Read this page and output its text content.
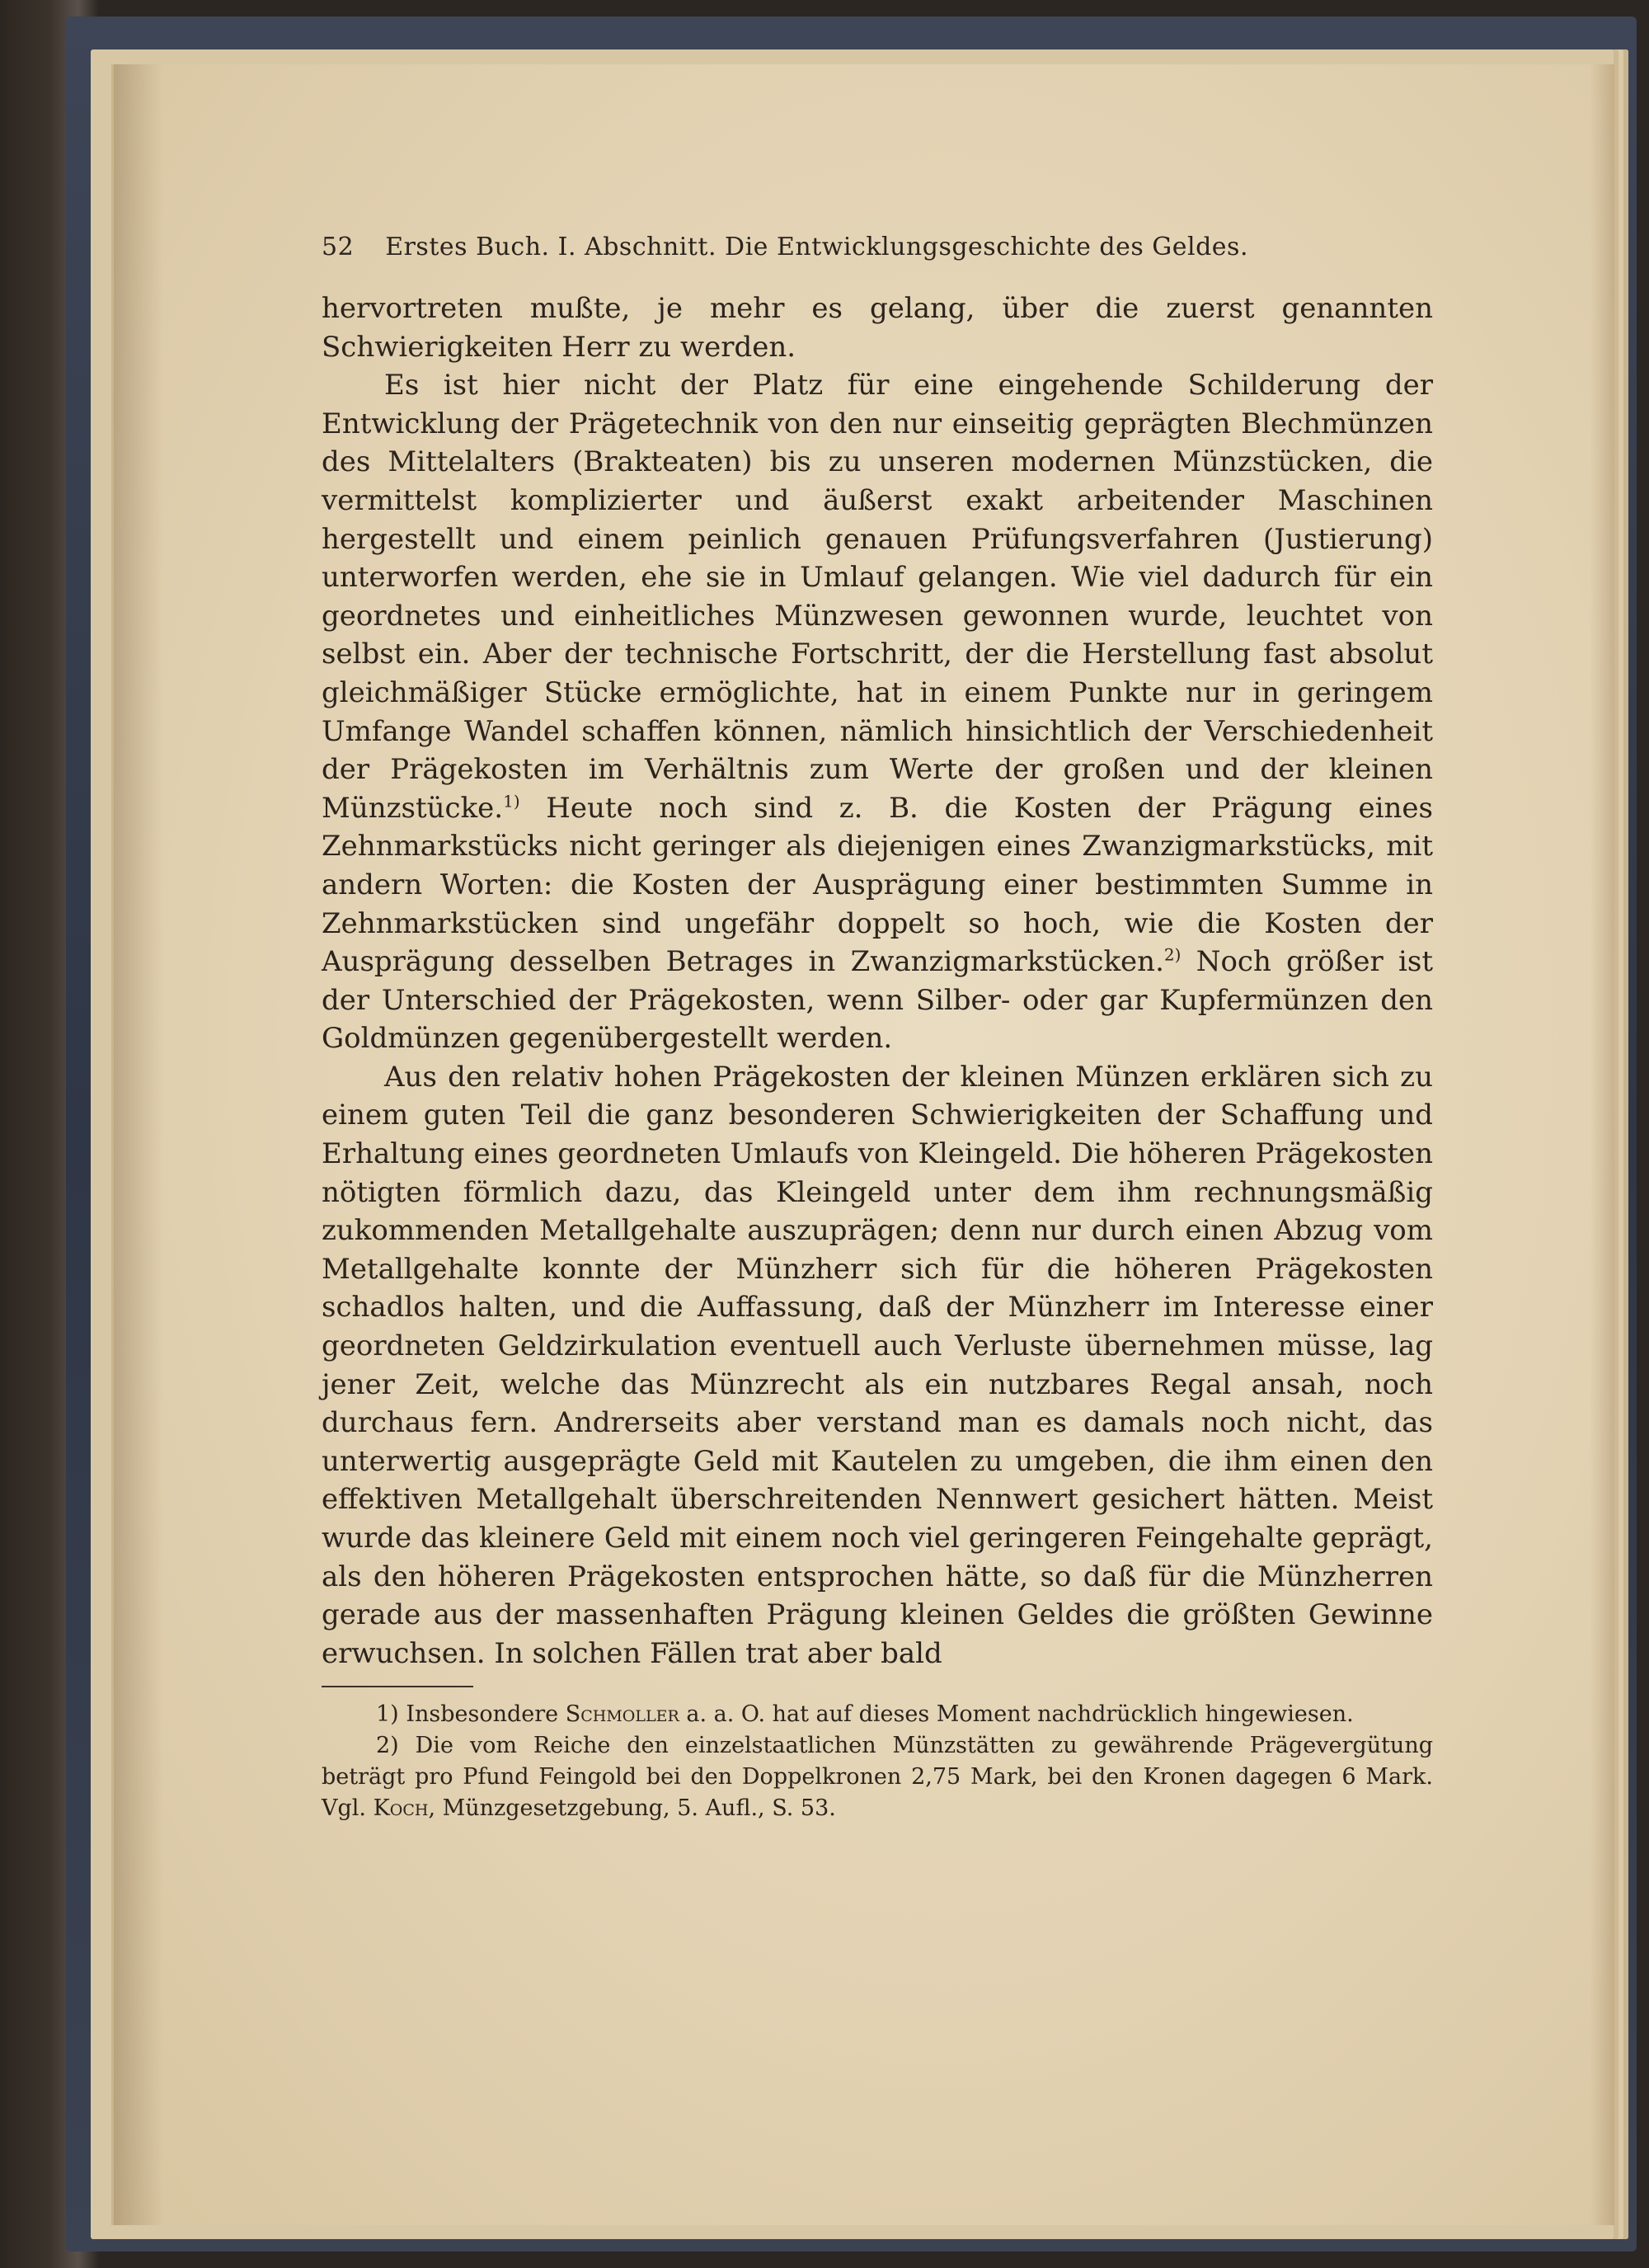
52 Erstes Buch. I. Abschnitt. Die Entwicklungsgeschichte des Geldes.

hervortreten mußte, je mehr es gelang, über die zuerst genannten Schwierigkeiten Herr zu werden.

Es ist hier nicht der Platz für eine eingehende Schilderung der Entwicklung der Prägetechnik von den nur einseitig geprägten Blechmünzen des Mittelalters (Brakteaten) bis zu unseren modernen Münzstücken, die vermittelst komplizierter und äußerst exakt arbeitender Maschinen hergestellt und einem peinlich genauen Prüfungsverfahren (Justierung) unterworfen werden, ehe sie in Umlauf gelangen. Wie viel dadurch für ein geordnetes und einheitliches Münzwesen gewonnen wurde, leuchtet von selbst ein. Aber der technische Fortschritt, der die Herstellung fast absolut gleichmäßiger Stücke ermöglichte, hat in einem Punkte nur in geringem Umfange Wandel schaffen können, nämlich hinsichtlich der Verschiedenheit der Prägekosten im Verhältnis zum Werte der großen und der kleinen Münzstücke.$^{1)}$ Heute noch sind z. B. die Kosten der Prägung eines Zehnmarkstücks nicht geringer als diejenigen eines Zwanzigmarkstücks, mit andern Worten: die Kosten der Ausprägung einer bestimmten Summe in Zehnmarkstücken sind ungefähr doppelt so hoch, wie die Kosten der Ausprägung desselben Betrages in Zwanzigmarkstücken.$^{2)}$ Noch größer ist der Unterschied der Prägekosten, wenn Silber- oder gar Kupfermünzen den Goldmünzen gegenübergestellt werden.

Aus den relativ hohen Prägekosten der kleinen Münzen erklären sich zu einem guten Teil die ganz besonderen Schwierigkeiten der Schaffung und Erhaltung eines geordneten Umlaufs von Kleingeld. Die höheren Prägekosten nötigten förmlich dazu, das Kleingeld unter dem ihm rechnungsmäßig zukommenden Metallgehalte auszuprägen; denn nur durch einen Abzug vom Metallgehalte konnte der Münzherr sich für die höheren Prägekosten schadlos halten, und die Auffassung, daß der Münzherr im Interesse einer geordneten Geldzirkulation eventuell auch Verluste übernehmen müsse, lag jener Zeit, welche das Münzrecht als ein nutzbares Regal ansah, noch durchaus fern. Andrerseits aber verstand man es damals noch nicht, das unterwertig ausgeprägte Geld mit Kautelen zu umgeben, die ihm einen den effektiven Metallgehalt überschreitenden Nennwert gesichert hätten. Meist wurde das kleinere Geld mit einem noch viel geringeren Feingehalte geprägt, als den höheren Prägekosten entsprochen hätte, so daß für die Münzherren gerade aus der massenhaften Prägung kleinen Geldes die größten Gewinne erwuchsen. In solchen Fällen trat aber bald

1) Insbesondere Schmoller a. a. O. hat auf dieses Moment nachdrücklich hingewiesen.

2) Die vom Reiche den einzelstaatlichen Münzstätten zu gewährende Prägevergütung beträgt pro Pfund Feingold bei den Doppelkronen 2,75 Mark, bei den Kronen dagegen 6 Mark. Vgl. Koch, Münzgesetzgebung, 5. Aufl., S. 53.
